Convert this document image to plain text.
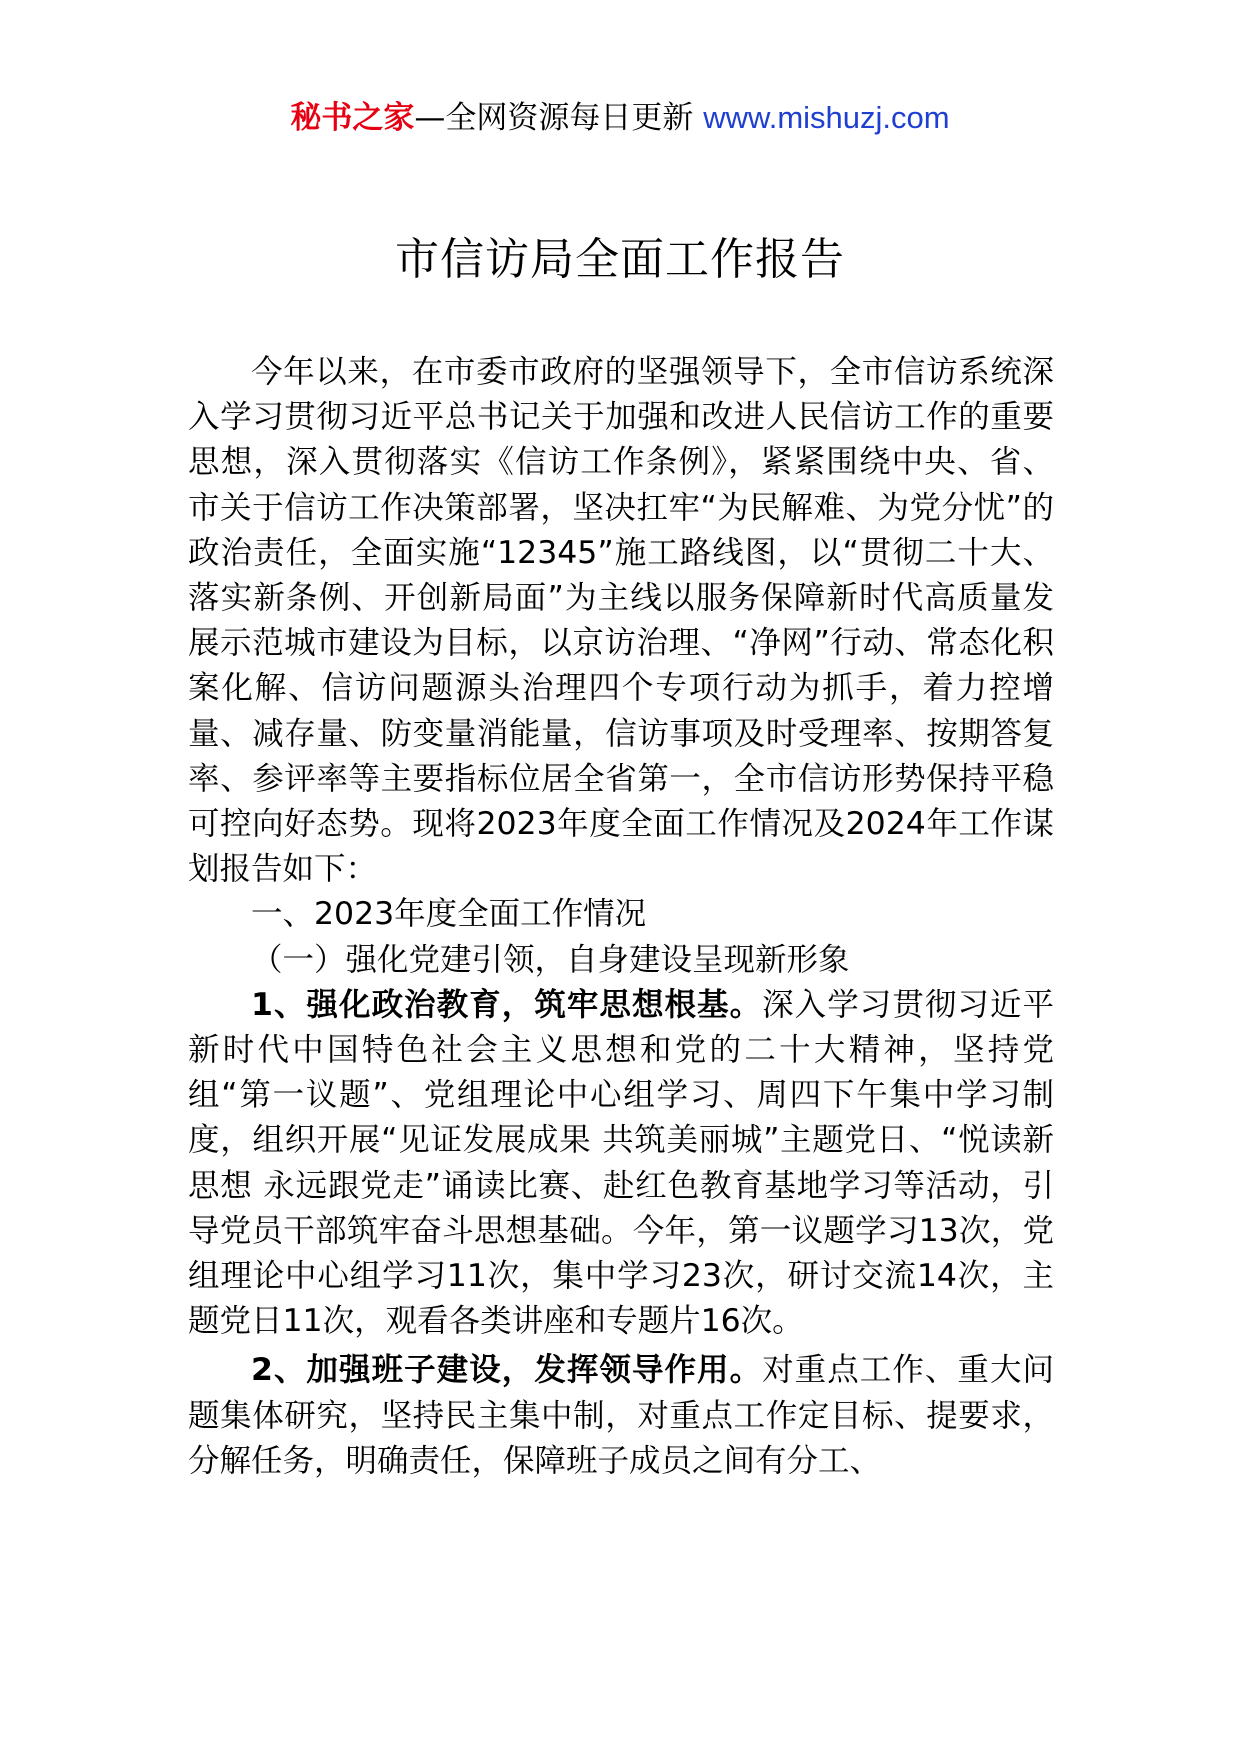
秘书之家—全网资源每日更新 www.mishuzj.com
市信访局全面工作报告

今年以来，在市委市政府的坚强领导下，全市信访系统深入学习贯彻习近平总书记关于加强和改进人民信访工作的重要思想，深入贯彻落实《信访工作条例》，紧紧围绕中央、省、市关于信访工作决策部署，坚决扛牢“为民解难、为党分忧”的政治责任，全面实施“12345”施工路线图，以“贯彻二十大、落实新条例、开创新局面”为主线以服务保障新时代高质量发展示范城市建设为目标，以京访治理、“净网”行动、常态化积案化解、信访问题源头治理四个专项行动为抓手，着力控增量、减存量、防变量消能量，信访事项及时受理率、按期答复率、参评率等主要指标位居全省第一，全市信访形势保持平稳可控向好态势。现将2023年度全面工作情况及2024年工作谋划报告如下：

一、2023年度全面工作情况

（一）强化党建引领，自身建设呈现新形象

1、强化政治教育，筑牢思想根基。深入学习贯彻习近平新时代中国特色社会主义思想和党的二十大精神，坚持党组“第一议题”、党组理论中心组学习、周四下午集中学习制度，组织开展“见证发展成果 共筑美丽城”主题党日、“悦读新思想 永远跟党走”诵读比赛、赴红色教育基地学习等活动，引导党员干部筑牢奋斗思想基础。今年，第一议题学习13次，党组理论中心组学习11次，集中学习23次，研讨交流14次，主题党日11次，观看各类讲座和专题片16次。

2、加强班子建设，发挥领导作用。对重点工作、重大问题集体研究，坚持民主集中制，对重点工作定目标、提要求，分解任务，明确责任，保障班子成员之间有分工、
